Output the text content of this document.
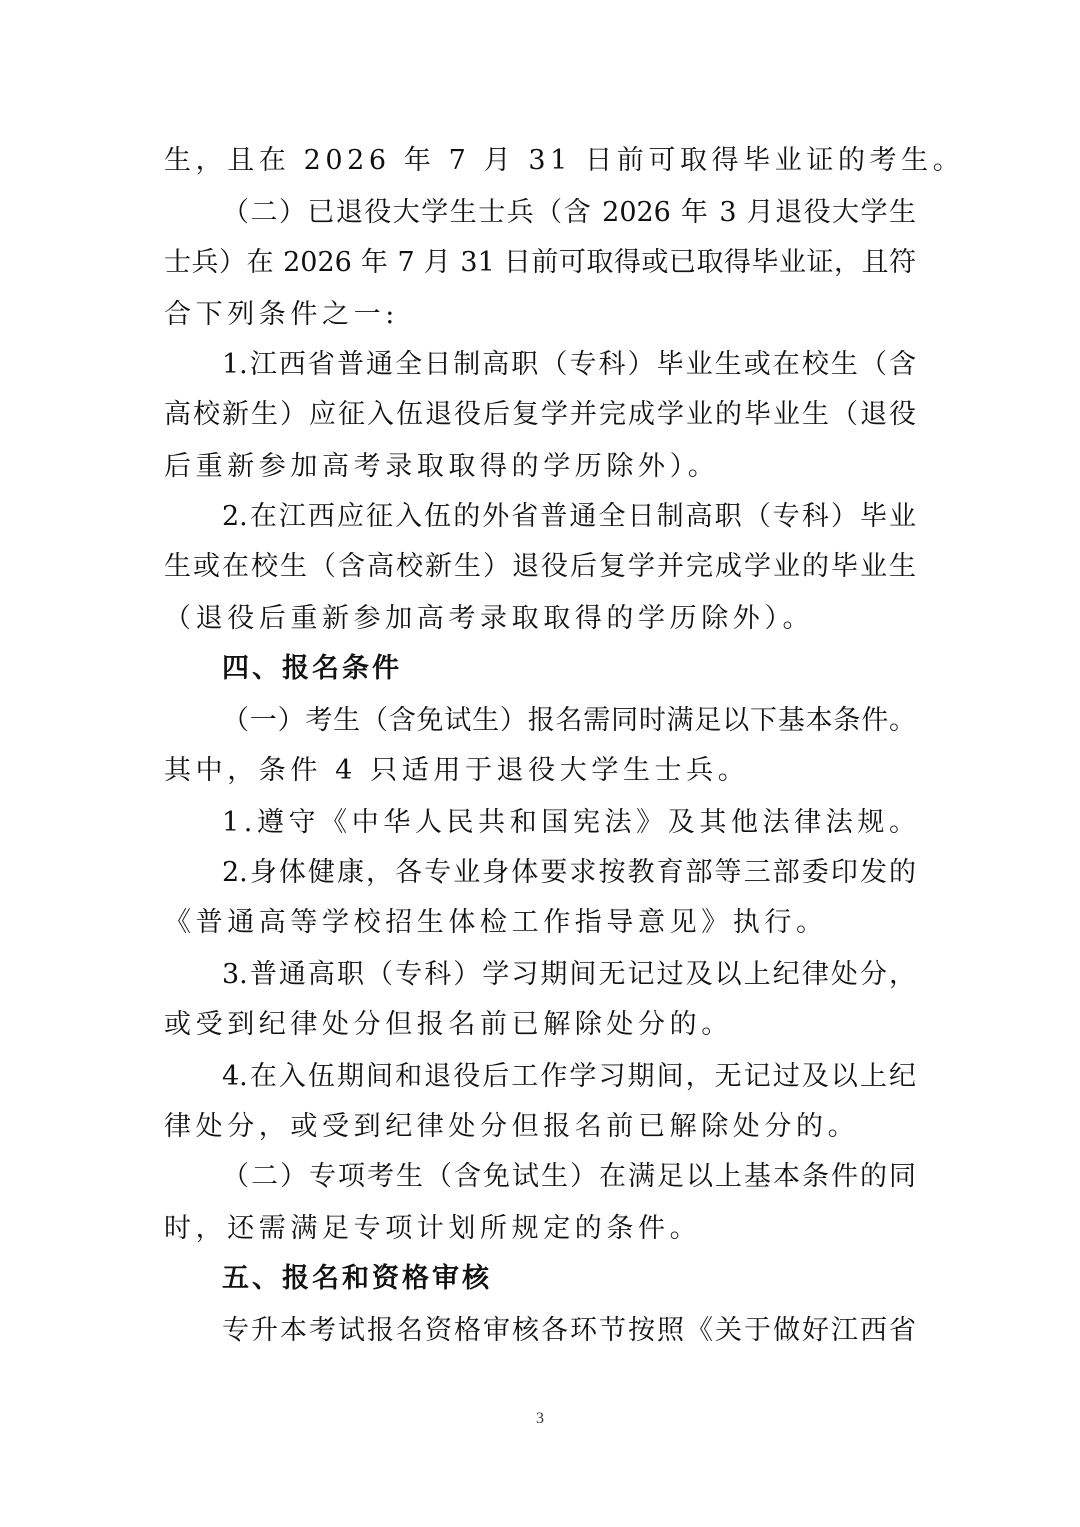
生，且在 2026 年 7 月 31 日前可取得毕业证的考生。
（二）已退役大学生士兵（含 2026 年 3 月退役大学生
士兵）在 2026 年 7 月 31 日前可取得或已取得毕业证，且符
合下列条件之一:
1.江西省普通全日制高职（专科）毕业生或在校生（含
高校新生）应征入伍退役后复学并完成学业的毕业生（退役
后重新参加高考录取取得的学历除外）。
2.在江西应征入伍的外省普通全日制高职（专科）毕业
生或在校生（含高校新生）退役后复学并完成学业的毕业生
（退役后重新参加高考录取取得的学历除外）。
四、报名条件
（一）考生（含免试生）报名需同时满足以下基本条件。
其中，条件 4 只适用于退役大学生士兵。
1.遵守《中华人民共和国宪法》及其他法律法规。
2.身体健康，各专业身体要求按教育部等三部委印发的
《普通高等学校招生体检工作指导意见》执行。
3.普通高职（专科）学习期间无记过及以上纪律处分，
或受到纪律处分但报名前已解除处分的。
4.在入伍期间和退役后工作学习期间，无记过及以上纪
律处分，或受到纪律处分但报名前已解除处分的。
（二）专项考生（含免试生）在满足以上基本条件的同
时，还需满足专项计划所规定的条件。
五、报名和资格审核
专升本考试报名资格审核各环节按照《关于做好江西省
3
